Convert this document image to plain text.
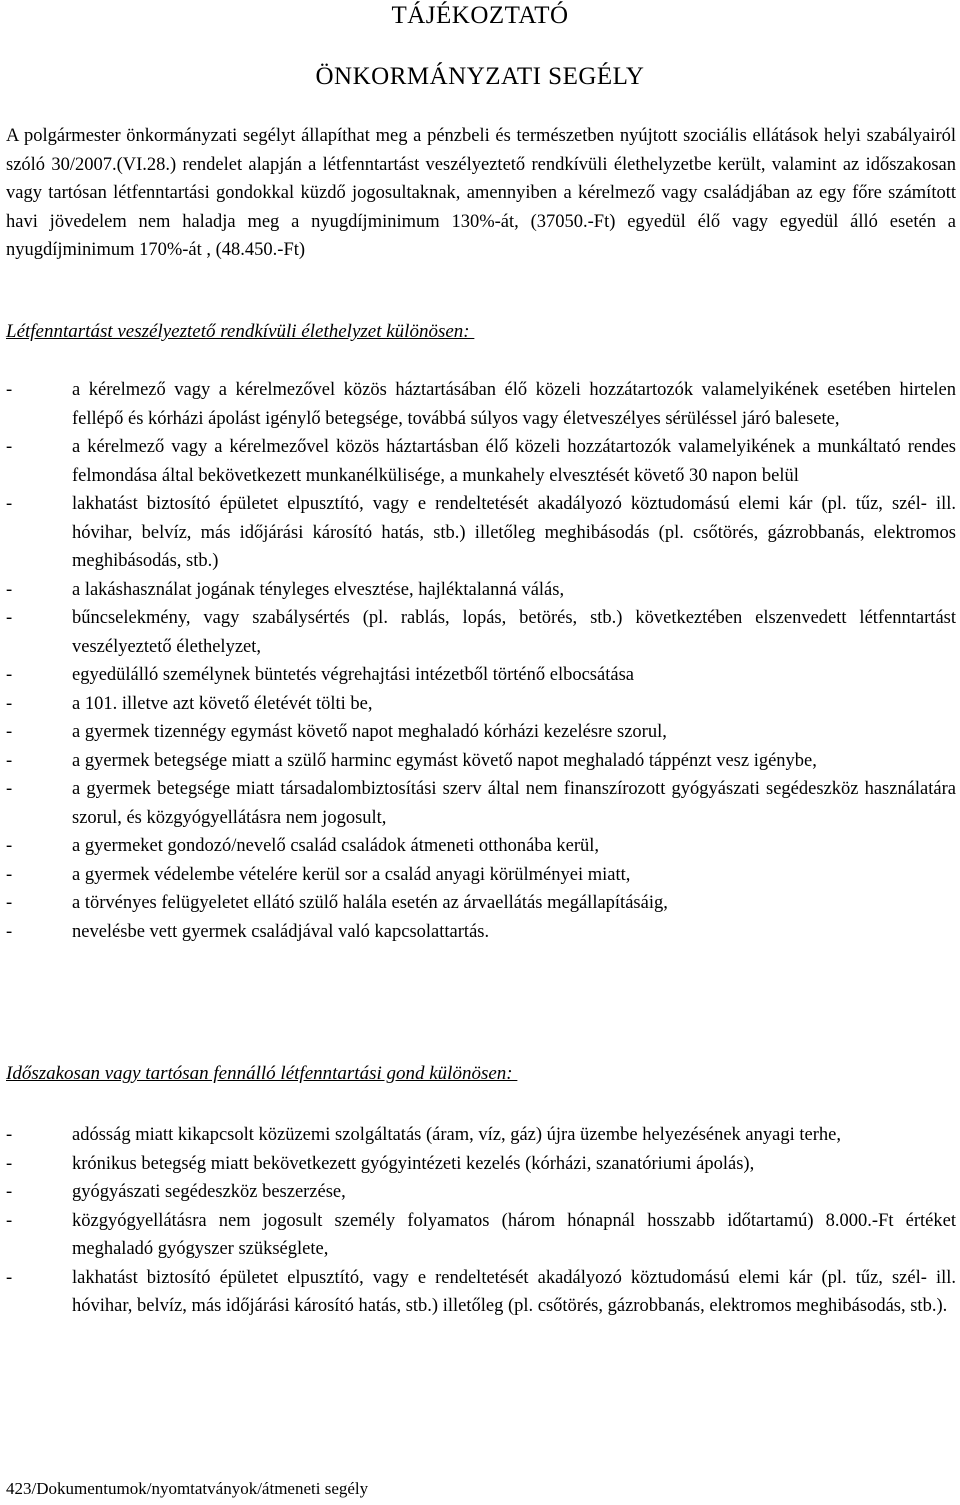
TÁJÉKOZTATÓ
ÖNKORMÁNYZATI SEGÉLY

A polgármester önkormányzati segélyt állapíthat meg a pénzbeli és természetben nyújtott szociális ellátások helyi szabályairól szóló 30/2007.(VI.28.) rendelet alapján a létfenntartást veszélyeztető rendkívüli élethelyzetbe került, valamint az időszakosan vagy tartósan létfenntartási gondokkal küzdő jogosultaknak, amennyiben a kérelmező vagy családjában az egy főre számított havi jövedelem nem haladja meg a nyugdíjminimum 130%-át, (37050.-Ft) egyedül élő vagy egyedül álló esetén a nyugdíjminimum 170%-át , (48.450.-Ft)

Létfenntartást veszélyeztető rendkívüli élethelyzet különösen:
-	a kérelmező vagy a kérelmezővel közös háztartásában élő közeli hozzátartozók valamelyikének esetében hirtelen fellépő és kórházi ápolást igénylő betegsége, továbbá súlyos vagy életveszélyes sérüléssel járó balesete,
-	a kérelmező vagy a kérelmezővel közös háztartásban élő közeli hozzátartozók valamelyikének a munkáltató rendes felmondása által bekövetkezett munkanélkülisége, a munkahely elvesztését követő 30 napon belül
-	lakhatást biztosító épületet elpusztító, vagy e rendeltetését akadályozó köztudomású elemi kár (pl. tűz, szél- ill. hóvihar, belvíz, más időjárási károsító hatás, stb.) illetőleg meghibásodás (pl. csőtörés, gázrobbanás, elektromos meghibásodás, stb.)
-	a lakáshasználat jogának tényleges elvesztése, hajléktalanná válás,
-	bűncselekmény, vagy szabálysértés (pl. rablás, lopás, betörés, stb.) következtében elszenvedett létfenntartást veszélyeztető élethelyzet,
-	egyedülálló személynek büntetés végrehajtási intézetből történő elbocsátása
-	a 101. illetve azt követő életévét tölti be,
-	a gyermek tizennégy egymást követő napot meghaladó kórházi kezelésre szorul,
-	a gyermek betegsége miatt a szülő harminc egymást követő napot meghaladó táppénzt vesz igénybe,
-	a gyermek betegsége miatt társadalombiztosítási szerv által nem finanszírozott gyógyászati segédeszköz használatára szorul, és közgyógyellátásra nem jogosult,
-	a gyermeket gondozó/nevelő család családok átmeneti otthonába kerül,
-	a gyermek védelembe vételére kerül sor a család anyagi körülményei miatt,
-	a törvényes felügyeletet ellátó szülő halála esetén az árvaellátás megállapításáig,
-	nevelésbe vett gyermek családjával való kapcsolattartás.
Időszakosan vagy tartósan fennálló létfenntartási gond különösen:
-	adósság miatt kikapcsolt közüzemi szolgáltatás (áram, víz, gáz) újra üzembe helyezésének anyagi terhe,
-	krónikus betegség miatt bekövetkezett gyógyintézeti kezelés (kórházi, szanatóriumi ápolás),
-	gyógyászati segédeszköz beszerzése,
-	közgyógyellátásra nem jogosult személy folyamatos (három hónapnál hosszabb időtartamú) 8.000.-Ft értéket meghaladó gyógyszer szükséglete,
-	lakhatást biztosító épületet elpusztító, vagy e rendeltetését akadályozó köztudomású elemi kár (pl. tűz, szél- ill. hóvihar, belvíz, más időjárási károsító hatás, stb.) illetőleg (pl. csőtörés, gázrobbanás, elektromos meghibásodás, stb.).
423/Dokumentumok/nyomtatványok/átmeneti segély
